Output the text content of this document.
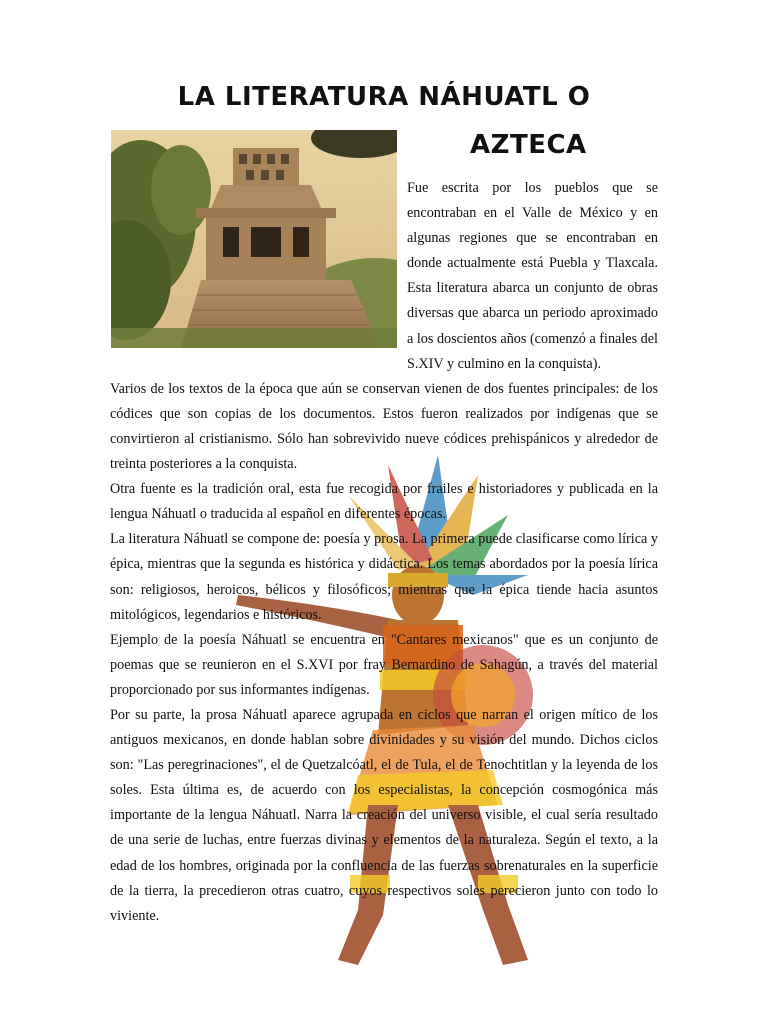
LA LITERATURA NÁHUATL O
AZTECA

Fue escrita por los pueblos que se encontraban en el Valle de México y en algunas regiones que se encontraban en donde actualmente está Puebla y Tlaxcala. Esta literatura abarca un conjunto de obras diversas que abarca un periodo aproximado a los doscientos años (comenzó a finales del S.XIV y culmino en la conquista).

Varios de los textos de la época que aún se conservan vienen de dos fuentes principales: de los códices que son copias de los documentos. Estos fueron realizados por indígenas que se convirtieron al cristianismo. Sólo han sobrevivido nueve códices prehispánicos y alrededor de treinta posteriores a la conquista.

Otra fuente es la tradición oral, esta fue recogida por frailes e historiadores y publicada en la lengua Náhuatl o traducida al español en diferentes épocas.

La literatura Náhuatl se compone de: poesía y prosa. La primera puede clasificarse como lírica y épica, mientras que la segunda es histórica y didáctica. Los temas abordados por la poesía lírica son: religiosos, heroicos, bélicos y filosóficos; mientras que la épica tiende hacia asuntos mitológicos, legendarios e históricos.

Ejemplo de la poesía Náhuatl se encuentra en "Cantares mexicanos" que es un conjunto de poemas que se reunieron en el S.XVI por fray Bernardino de Sahagún, a través del material proporcionado por sus informantes indígenas.

Por su parte, la prosa Náhuatl aparece agrupada en ciclos que narran el origen mítico de los antiguos mexicanos, en donde hablan sobre divinidades y su visión del mundo. Dichos ciclos son: "Las peregrinaciones", el de Quetzalcóatl, el de Tula, el de Tenochtitlan y la leyenda de los soles. Esta última es, de acuerdo con los especialistas, la concepción cosmogónica más importante de la lengua Náhuatl. Narra la creación del universo visible, el cual sería resultado de una serie de luchas, entre fuerzas divinas y elementos de la naturaleza. Según el texto, a la edad de los hombres, originada por la confluencia de las fuerzas sobrenaturales en la superficie de la tierra, la precedieron otras cuatro, cuyos respectivos soles perecieron junto con todo lo viviente.
